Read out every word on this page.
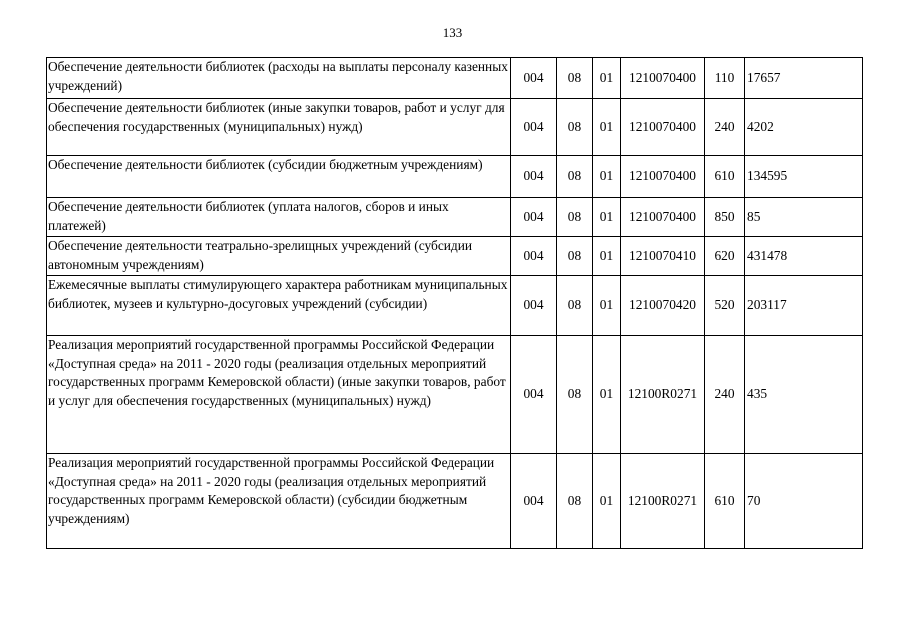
133
Обеспечение деятельности библиотек (расходы на выплаты персоналу казенных учреждений)	004	08	01	1210070400	110	17657
Обеспечение деятельности библиотек (иные закупки товаров, работ и услуг для обеспечения государственных (муниципальных) нужд)	004	08	01	1210070400	240	4202
Обеспечение деятельности библиотек (субсидии бюджетным учреждениям)	004	08	01	1210070400	610	134595
Обеспечение деятельности библиотек (уплата налогов, сборов и иных платежей)	004	08	01	1210070400	850	85
Обеспечение деятельности театрально-зрелищных учреждений (субсидии автономным учреждениям)	004	08	01	1210070410	620	431478
Ежемесячные выплаты стимулирующего характера работникам муниципальных библиотек, музеев и культурно-досуговых учреждений (субсидии)	004	08	01	1210070420	520	203117
Реализация мероприятий государственной программы Российской Федерации «Доступная среда» на 2011 - 2020 годы (реализация отдельных мероприятий государственных программ Кемеровской области) (иные закупки товаров, работ и услуг для обеспечения государственных (муниципальных) нужд)	004	08	01	12100R0271	240	435
Реализация мероприятий государственной программы Российской Федерации «Доступная среда» на 2011 - 2020 годы (реализация отдельных мероприятий государственных программ Кемеровской области) (субсидии бюджетным учреждениям)	004	08	01	12100R0271	610	70
